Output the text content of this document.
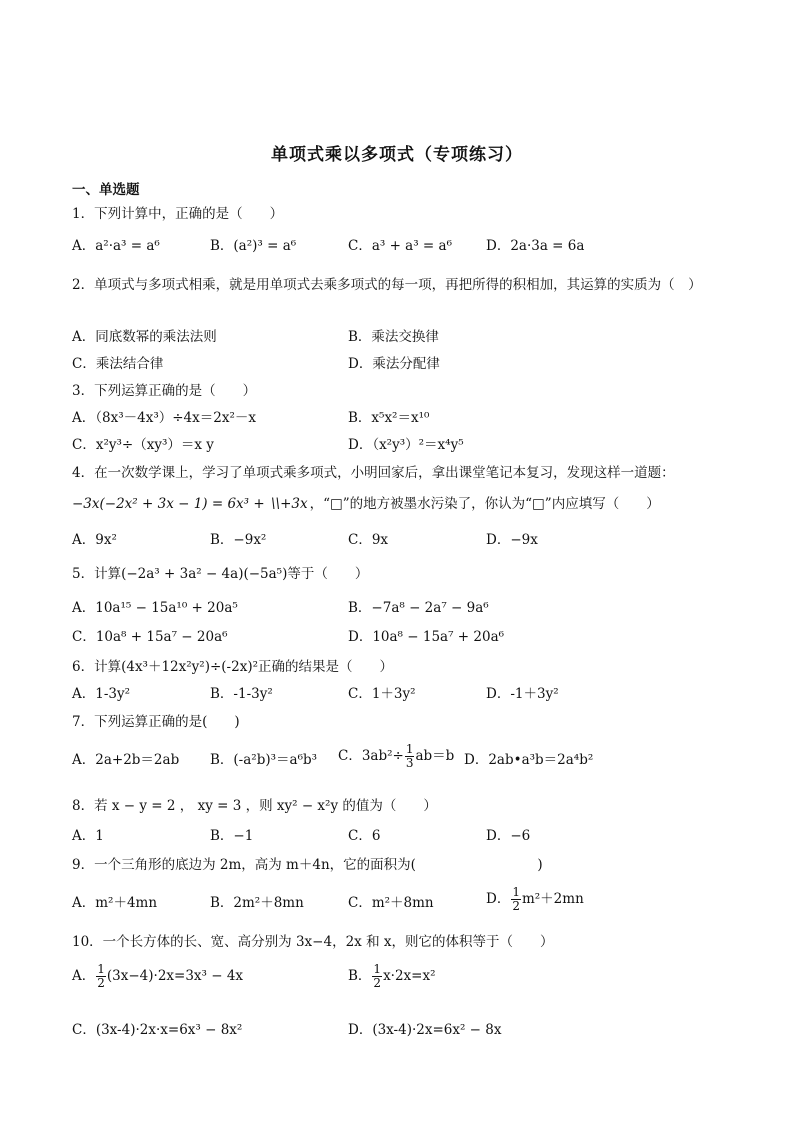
单项式乘以多项式（专项练习）
一、单选题
1．下列计算中，正确的是（　　）
A．a²·a³ = a⁶	B．(a²)³ = a⁶	C．a³ + a³ = a⁶	D．2a·3a = 6a
2．单项式与多项式相乘，就是用单项式去乘多项式的每一项，再把所得的积相加，其运算的实质为（　）
A．同底数幂的乘法法则	B．乘法交换律
C．乘法结合律	D．乘法分配律
3．下列运算正确的是（　　）
A．（8x³－4x³）÷4x＝2x²－x	B．x⁵x²＝x¹⁰
C．x²y³÷（xy³）＝x y	D．（x²y³）²＝x⁴y⁵
4．在一次数学课上，学习了单项式乘多项式，小明回家后，拿出课堂笔记本复习，发现这样一道题：
−3x(−2x² + 3x − 1) = 6x³ + \\+3x ，“□”的地方被墨水污染了，你认为“□”内应填写（　　）
A．9x²	B．−9x²	C．9x	D．−9x
5．计算(−2a³ + 3a² − 4a)(−5a⁵)等于（　　）
A．10a¹⁵ − 15a¹⁰ + 20a⁵	B．−7a⁸ − 2a⁷ − 9a⁶
C．10a⁸ + 15a⁷ − 20a⁶	D．10a⁸ − 15a⁷ + 20a⁶
6．计算(4x³＋12x²y²)÷(-2x)²正确的结果是（　　）
A．1-3y²	B．-1-3y²	C．1＋3y²	D．-1＋3y²
7．下列运算正确的是(　　)
A．2a+2b＝2ab B．(-a²b)³＝a⁶b³ C．$3ab^2\div \frac{1}{3} ab=b$ D．2ab•a³b＝2a⁴b²
8．若 x − y = 2 ， xy = 3 ，则 xy² − x²y 的值为（　　）
A．1	B．−1	C．6	D．−6
9．一个三角形的底边为 2m，高为 m＋4n，它的面积为(　　　　　　　　　)
A．m²＋4mn	B．2m²＋8mn	C．m²＋8mn	D． $\frac{1}{2} m^2+2mn$
10．一个长方体的长、宽、高分别为 3x−4，2x 和 x，则它的体积等于（　　）
A． $\frac{1}{2} (3x-4)\cdot 2x=3x^3 - 4x$	B． $\frac{1}{2} x\cdot 2x=x^2$
C．(3x-4)·2x·x=6x³ − 8x²	D．(3x-4)·2x=6x² − 8x
